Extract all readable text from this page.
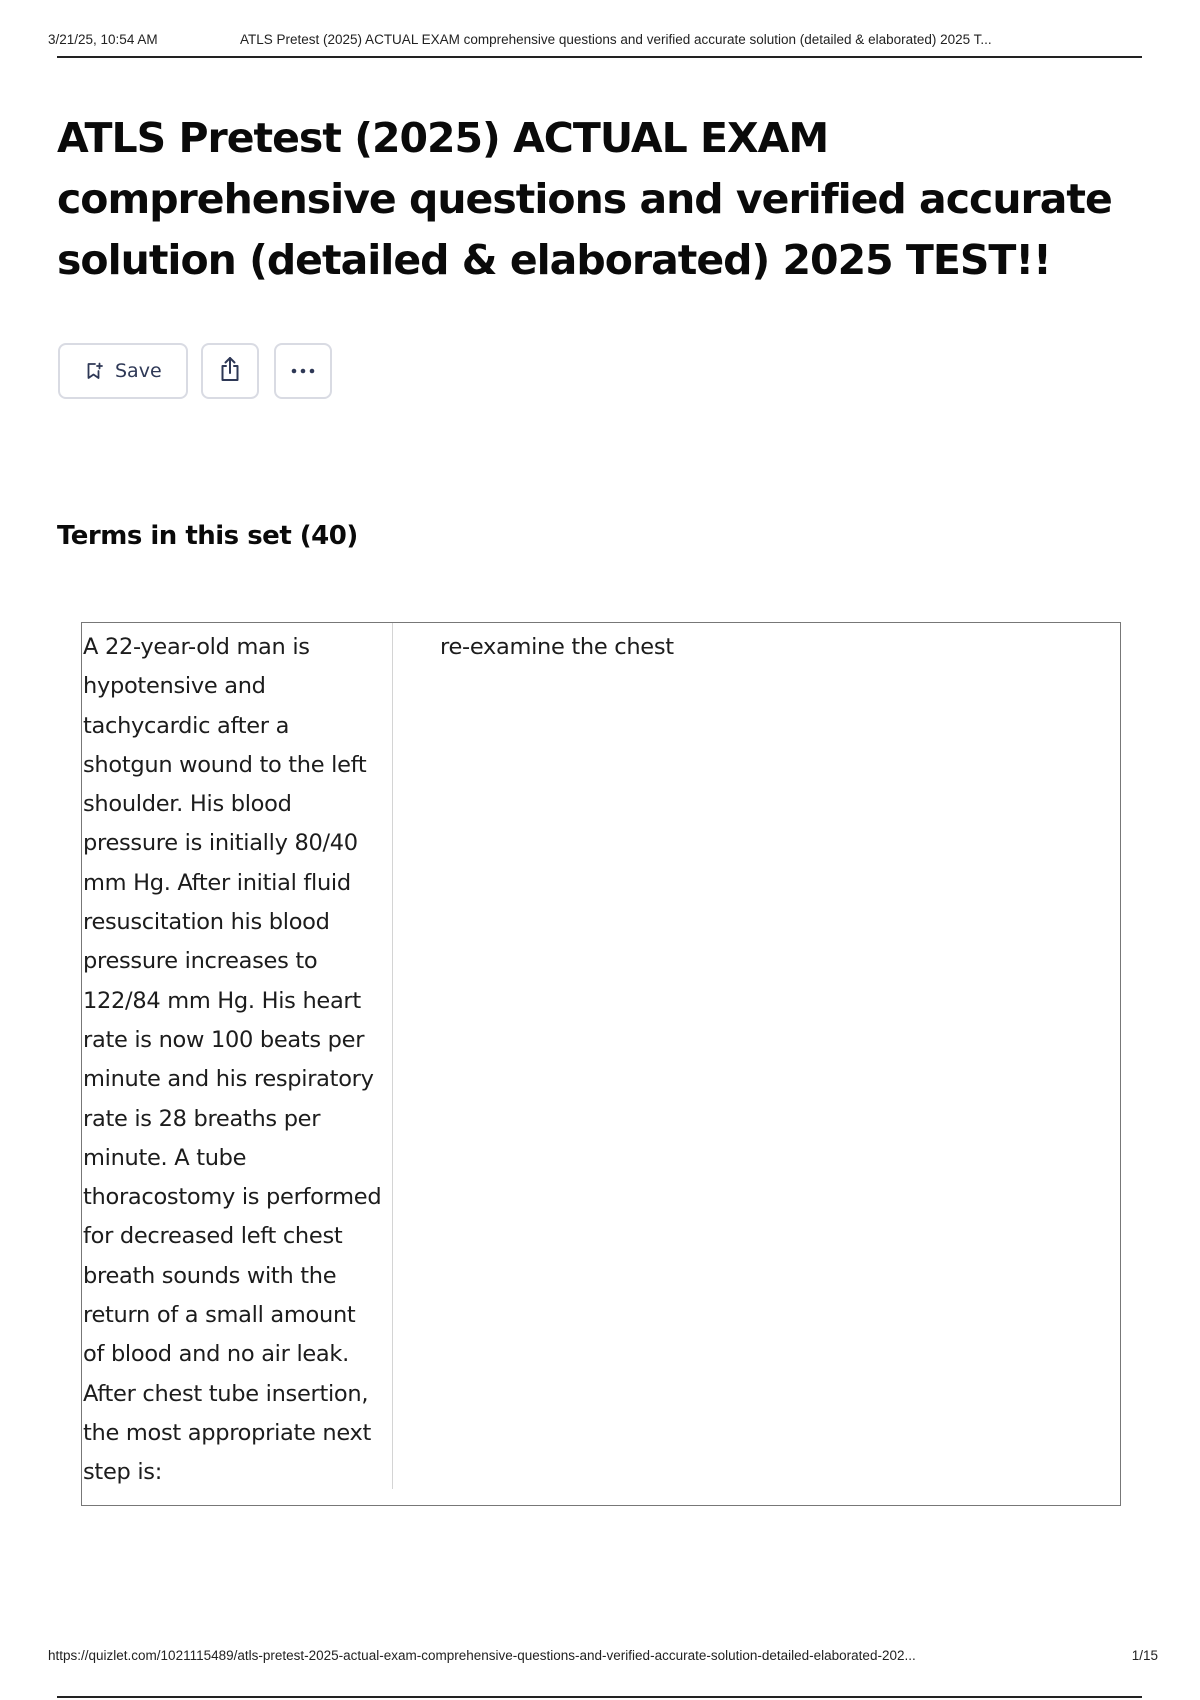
3/21/25, 10:54 AM	ATLS Pretest (2025) ACTUAL EXAM comprehensive questions and verified accurate solution (detailed & elaborated) 2025 T...
ATLS Pretest (2025) ACTUAL EXAM comprehensive questions and verified accurate solution (detailed & elaborated) 2025 TEST!!
Save
Terms in this set (40)
A 22-year-old man is hypotensive and tachycardic after a shotgun wound to the left shoulder. His blood pressure is initially 80/40 mm Hg. After initial fluid resuscitation his blood pressure increases to 122/84 mm Hg. His heart rate is now 100 beats per minute and his respiratory rate is 28 breaths per minute. A tube thoracostomy is performed for decreased left chest breath sounds with the return of a small amount of blood and no air leak. After chest tube insertion, the most appropriate next step is:
re-examine the chest
https://quizlet.com/1021115489/atls-pretest-2025-actual-exam-comprehensive-questions-and-verified-accurate-solution-detailed-elaborated-202...	1/15
